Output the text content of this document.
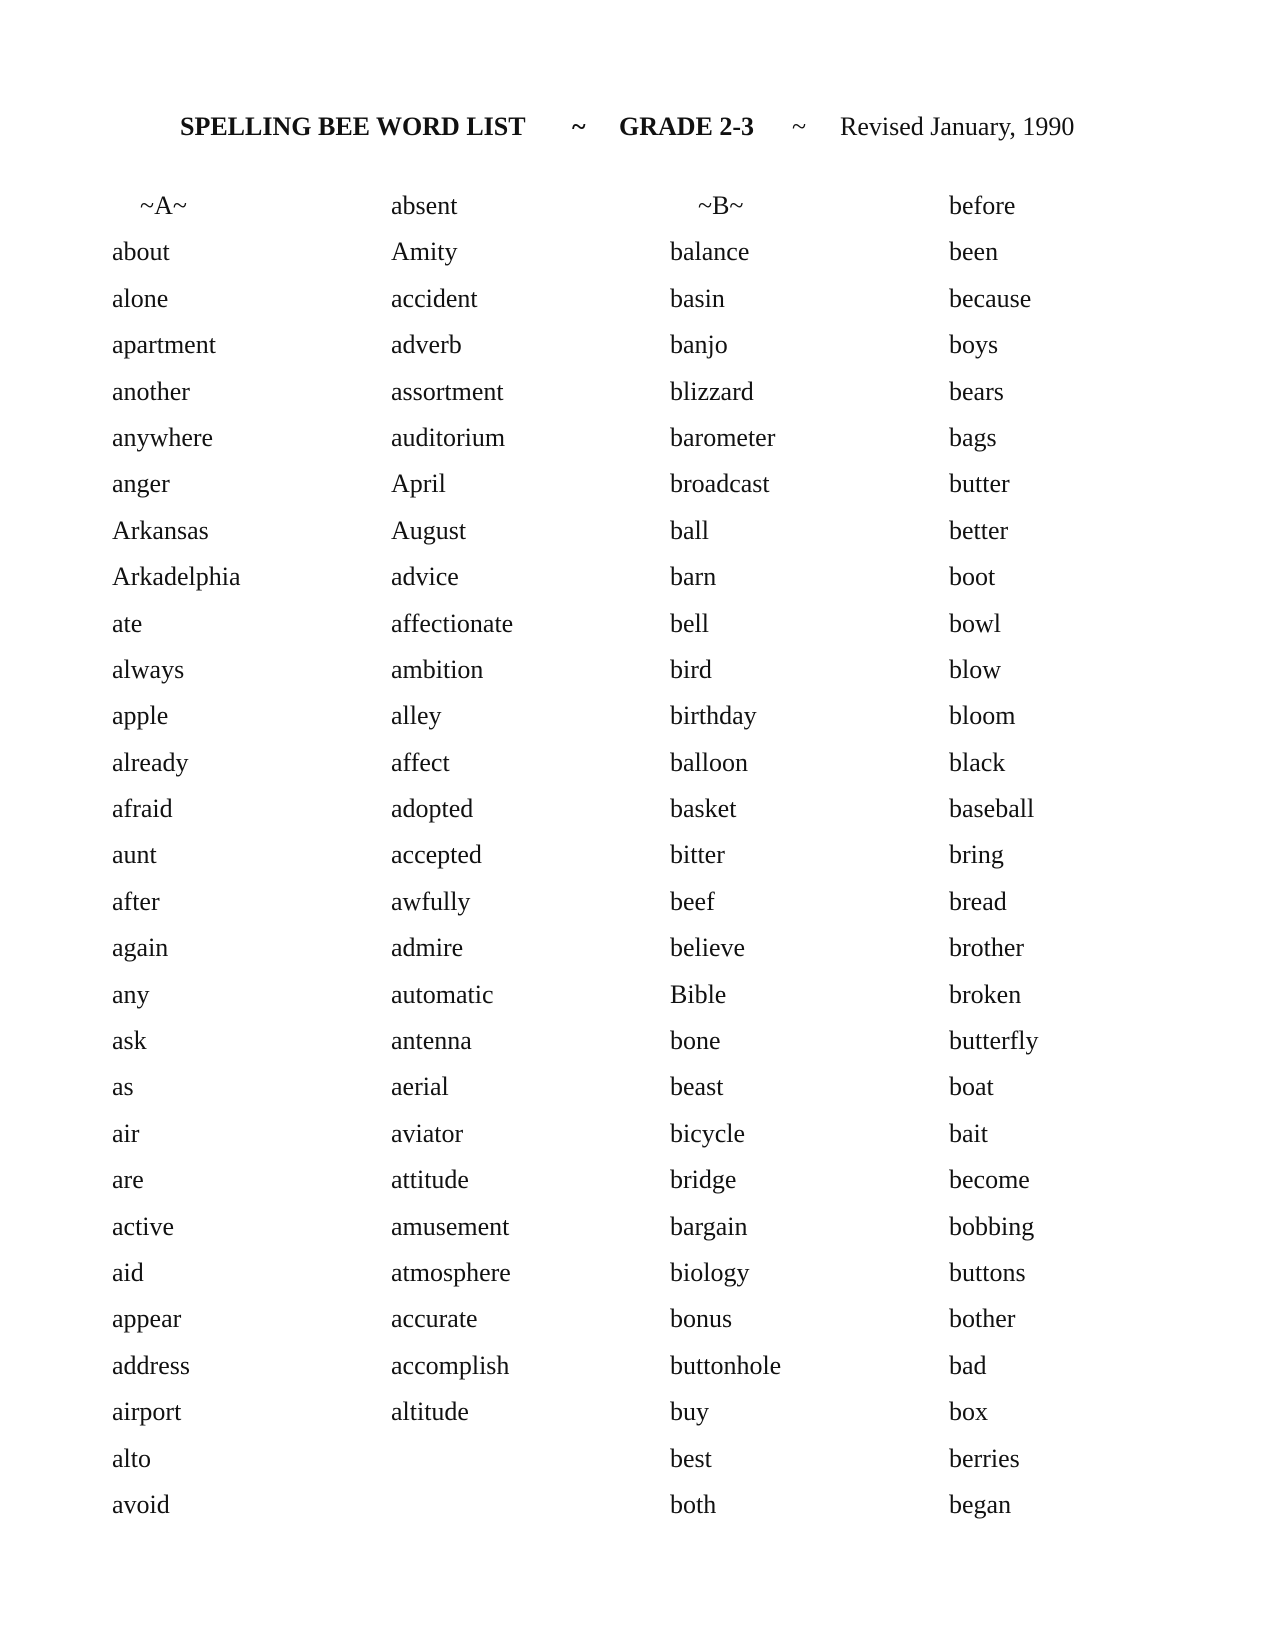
SPELLING BEE WORD LIST ~ GRADE 2-3 ~ Revised January, 1990
~A~
about
alone
apartment
another
anywhere
anger
Arkansas
Arkadelphia
ate
always
apple
already
afraid
aunt
after
again
any
ask
as
air
are
active
aid
appear
address
airport
alto
avoid
absent
Amity
accident
adverb
assortment
auditorium
April
August
advice
affectionate
ambition
alley
affect
adopted
accepted
awfully
admire
automatic
antenna
aerial
aviator
attitude
amusement
atmosphere
accurate
accomplish
altitude
~B~
balance
basin
banjo
blizzard
barometer
broadcast
ball
barn
bell
bird
birthday
balloon
basket
bitter
beef
believe
Bible
bone
beast
bicycle
bridge
bargain
biology
bonus
buttonhole
buy
best
both
before
been
because
boys
bears
bags
butter
better
boot
bowl
blow
bloom
black
baseball
bring
bread
brother
broken
butterfly
boat
bait
become
bobbing
buttons
bother
bad
box
berries
began
